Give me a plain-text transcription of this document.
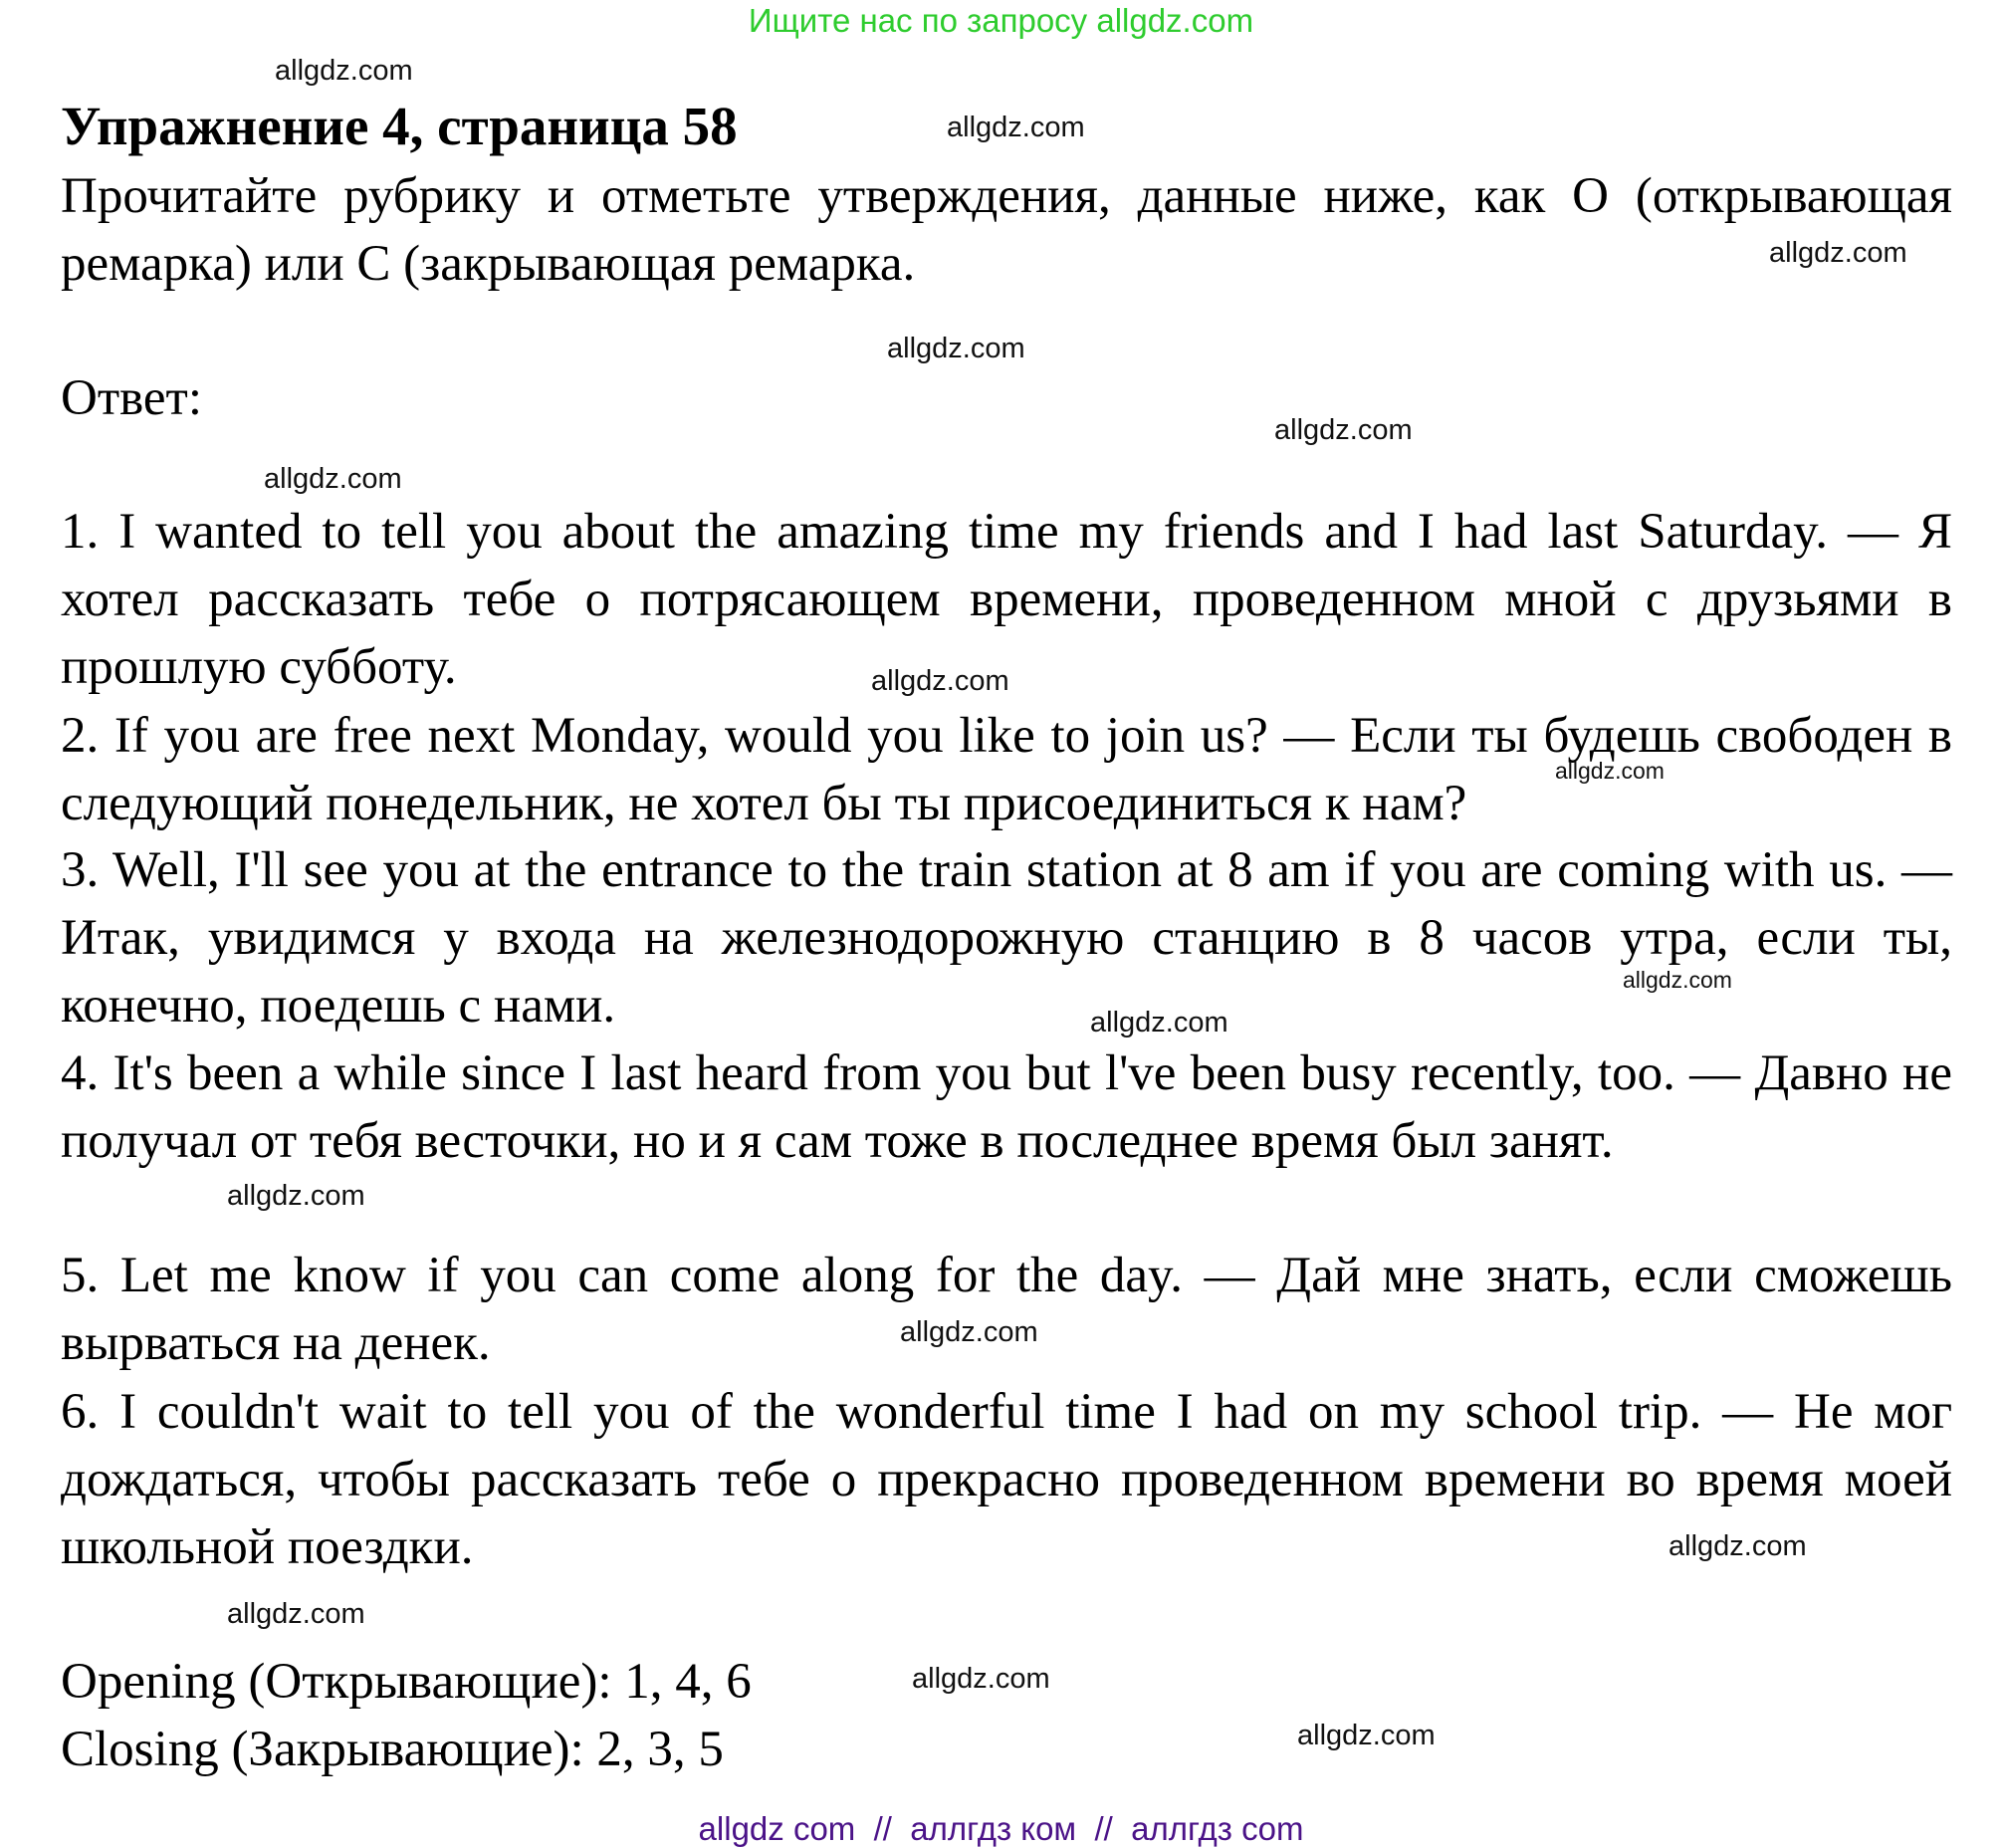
Ищите нас по запросу allgdz.com
Упражнение 4, страница 58

Прочитайте рубрику и отметьте утверждения, данные ниже, как О (открывающая ремарка) или С (закрывающая ремарка.

Ответ:

1. I wanted to tell you about the amazing time my friends and I had last Saturday. — Я хотел рассказать тебе о потрясающем времени, проведенном мной с друзьями в прошлую субботу.

2. If you are free next Monday, would you like to join us? — Если ты будешь свободен в следующий понедельник, не хотел бы ты присоединиться к нам?

3. Well, I'll see you at the entrance to the train station at 8 am if you are coming with us. —Итак, увидимся у входа на железнодорожную станцию в 8 часов утра, если ты, конечно, поедешь с нами.

4. It's been a while since I last heard from you but l've been busy recently, too. — Давно не получал от тебя весточки, но и я сам тоже в последнее время был занят.

5. Let me know if you can come along for the day. — Дай мне знать, если сможешь вырваться на денек.

6. I couldn't wait to tell you of the wonderful time I had on my school trip. — Не мог дождаться, чтобы рассказать тебе о прекрасно проведенном времени во время моей школьной поездки.

Opening (Открывающие): 1, 4, 6

Closing (Закрывающие): 2, 3, 5

allgdz.com
allgdz.com
allgdz.com
allgdz.com
allgdz.com
allgdz.com
allgdz.com
allgdz.com
allgdz.com
allgdz.com
allgdz.com
allgdz.com
allgdz.com
allgdz.com
allgdz.com
allgdz.com
allgdz com  //  аллгдз ком  //  аллгдз com
